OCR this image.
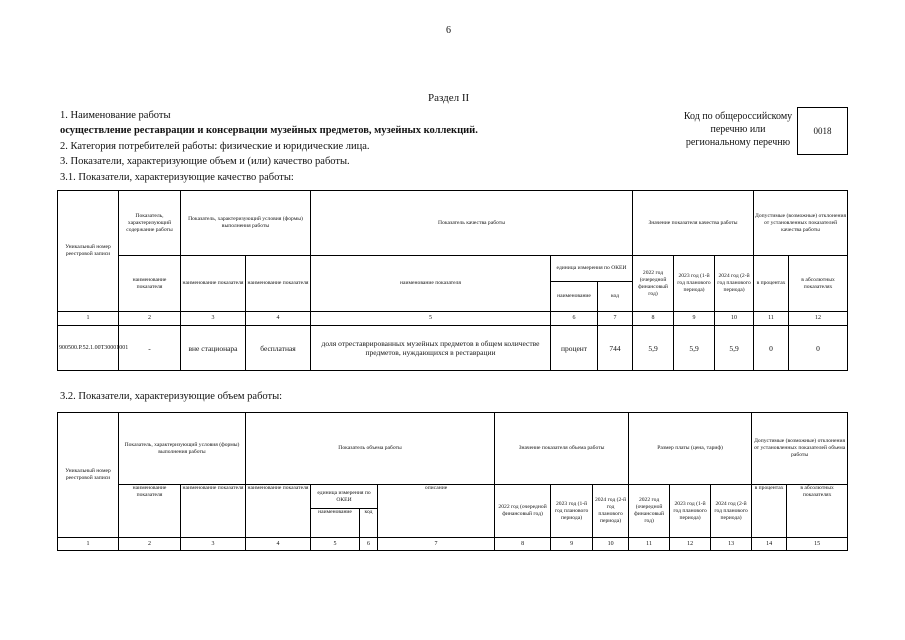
6
Раздел II
1. Наименование работы
осуществление реставрации и консервации музейных предметов, музейных коллекций.
2. Категория потребителей работы: физические и юридические лица.
3. Показатели, характеризующие объем и (или) качество работы.
3.1. Показатели, характеризующие качество работы:
Код по общероссийскому
перечню или
региональному перечню
0018
Уникальный номер реестровой записи	Показатель, характеризующий содержание работы	Показатель, характеризующий условия (формы) выполнения работы		Показатель качества работы			Значение показателя качества работы			Допустимые (возможные) отклонения от установленных показателей качества работы	
	наименование показателя	наименование показателя	наименование показателя	наименование показателя	единица измерения по ОКЕИ		2022 год (очередной финансовый год)	2023 год (1-й год планового периода)	2024 год (2-й год планового периода)	в процентах	в абсолютных показателях
					наименование	код					
1	2	3	4	5	6	7	8	9	10	11	12
900500.Р.52.1.00Т30001001	-	вне стационара	бесплатная	доля отреставрированных музейных предметов в общем количестве предметов, нуждающихся в реставрации	процент	744	5,9	5,9	5,9	0	0
3.2. Показатели, характеризующие объем работы:
Уникальный номер реестровой записи	Показатель, характеризующий условия (формы) выполнения работы		Показатель объема работы				Значение показателя объема работы			Размер платы (цена, тариф)			Допустимые (возможные) отклонения от установленных показателей объема работы	
	наименование показателя	наименование показателя	наименование показателя	единица измерения по ОКЕИ		описание	2022 год (очередной финансовый год)	2023 год (1-й год планового периода)	2024 год (2-й год планового периода)	2022 год (очередной финансовый год)	2023 год (1-й год планового периода)	2024 год (2-й год планового периода)	в процентах	в абсолютных показателях
				наименование	код									
1	2	3	4	5	6	7	8	9	10	11	12	13	14	15
